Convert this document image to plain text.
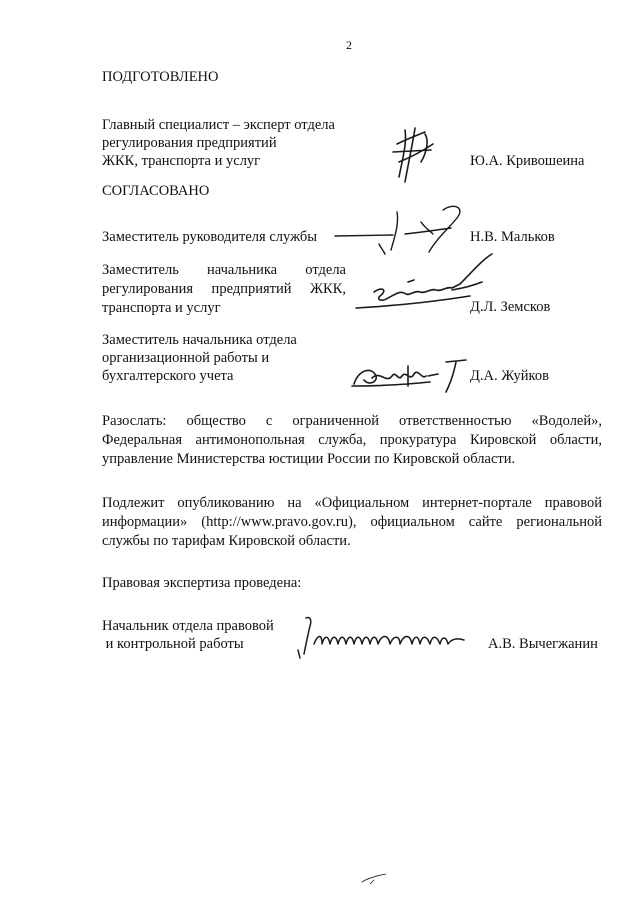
2
ПОДГОТОВЛЕНО
Главный специалист – эксперт отдела
регулирования предприятий
ЖКК, транспорта и услуг	Ю.А. Кривошеина
СОГЛАСОВАНО
Заместитель руководителя службы	Н.В. Мальков
Заместитель начальника отдела
регулирования предприятий ЖКК,
транспорта и услуг	Д.Л. Земсков
Заместитель начальника отдела
организационной работы и
бухгалтерского учета	Д.А. Жуйков
Разослать: общество с ограниченной ответственностью «Водолей»,
Федеральная антимонопольная служба, прокуратура Кировской области,
управление Министерства юстиции России по Кировской области.
Подлежит опубликованию на «Официальном интернет-портале правовой
информации» (http://www.pravo.gov.ru), официальном сайте региональной
службы по тарифам Кировской области.
Правовая экспертиза проведена:
Начальник отдела правовой
и контрольной работы	А.В. Вычегжанин
